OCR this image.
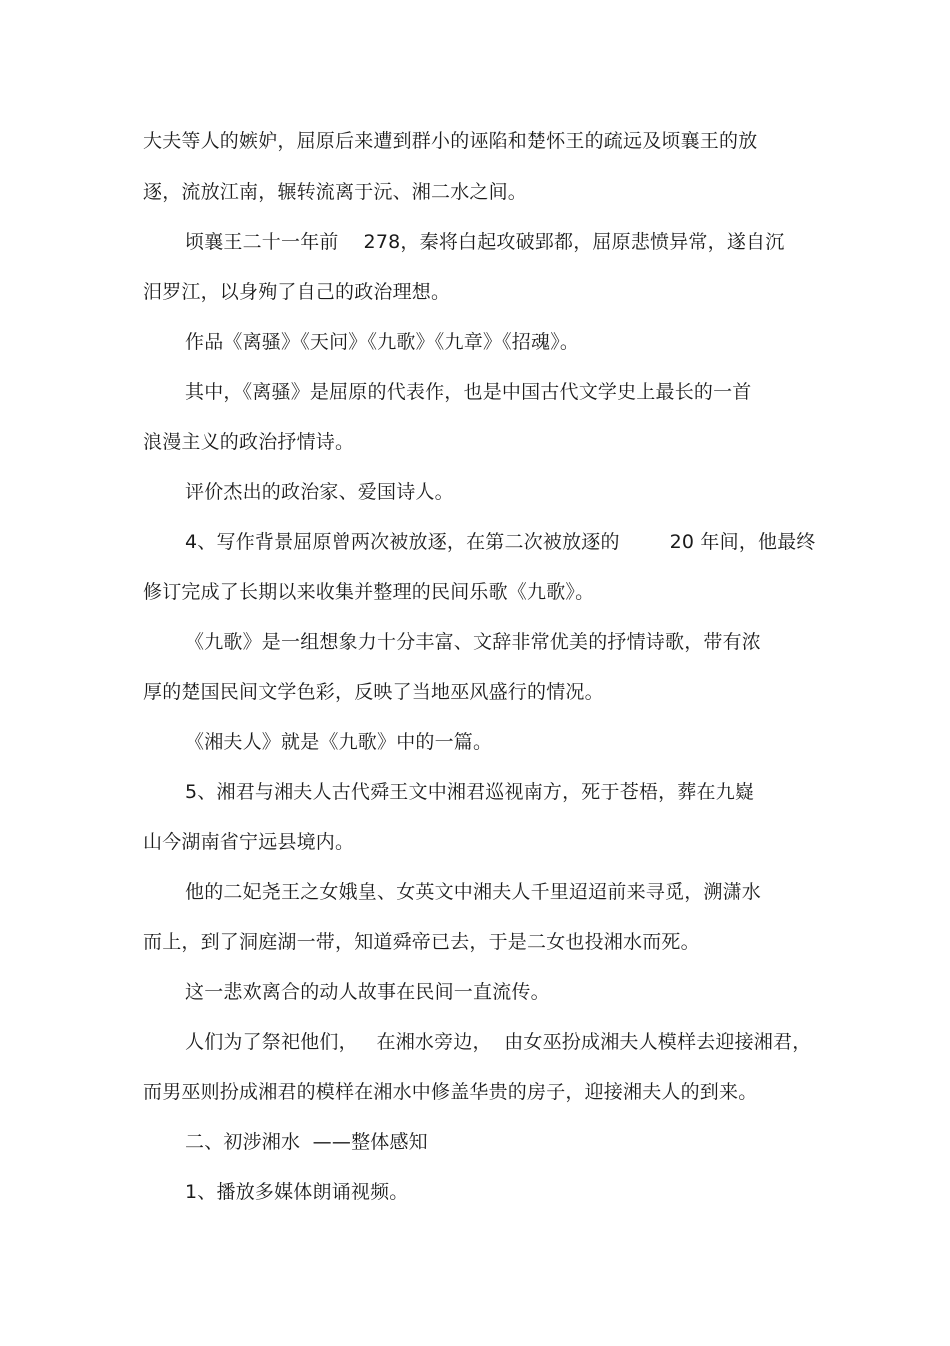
大夫等人的嫉妒，屈原后来遭到群小的诬陷和楚怀王的疏远及顷襄王的放
逐，流放江南，辗转流离于沅、湘二水之间。
顷襄王二十一年前    278，秦将白起攻破郢都，屈原悲愤异常，遂自沉
汨罗江，以身殉了自己的政治理想。
作品《离骚》《天问》《九歌》《九章》《招魂》。
其中，《离骚》是屈原的代表作，也是中国古代文学史上最长的一首
浪漫主义的政治抒情诗。
评价杰出的政治家、爱国诗人。
4、写作背景屈原曾两次被放逐，在第二次被放逐的        20 年间，他最终
修订完成了长期以来收集并整理的民间乐歌《九歌》。
《九歌》是一组想象力十分丰富、文辞非常优美的抒情诗歌，带有浓
厚的楚国民间文学色彩，反映了当地巫风盛行的情况。
《湘夫人》就是《九歌》中的一篇。
5、湘君与湘夫人古代舜王文中湘君巡视南方，死于苍梧，葬在九嶷
山今湖南省宁远县境内。
他的二妃尧王之女娥皇、女英文中湘夫人千里迢迢前来寻觅，溯潇水
而上，到了洞庭湖一带，知道舜帝已去，于是二女也投湘水而死。
这一悲欢离合的动人故事在民间一直流传。
人们为了祭祀他们，   在湘水旁边，  由女巫扮成湘夫人模样去迎接湘君，
而男巫则扮成湘君的模样在湘水中修盖华贵的房子，迎接湘夫人的到来。
二、初涉湘水  ——整体感知
1、播放多媒体朗诵视频。
